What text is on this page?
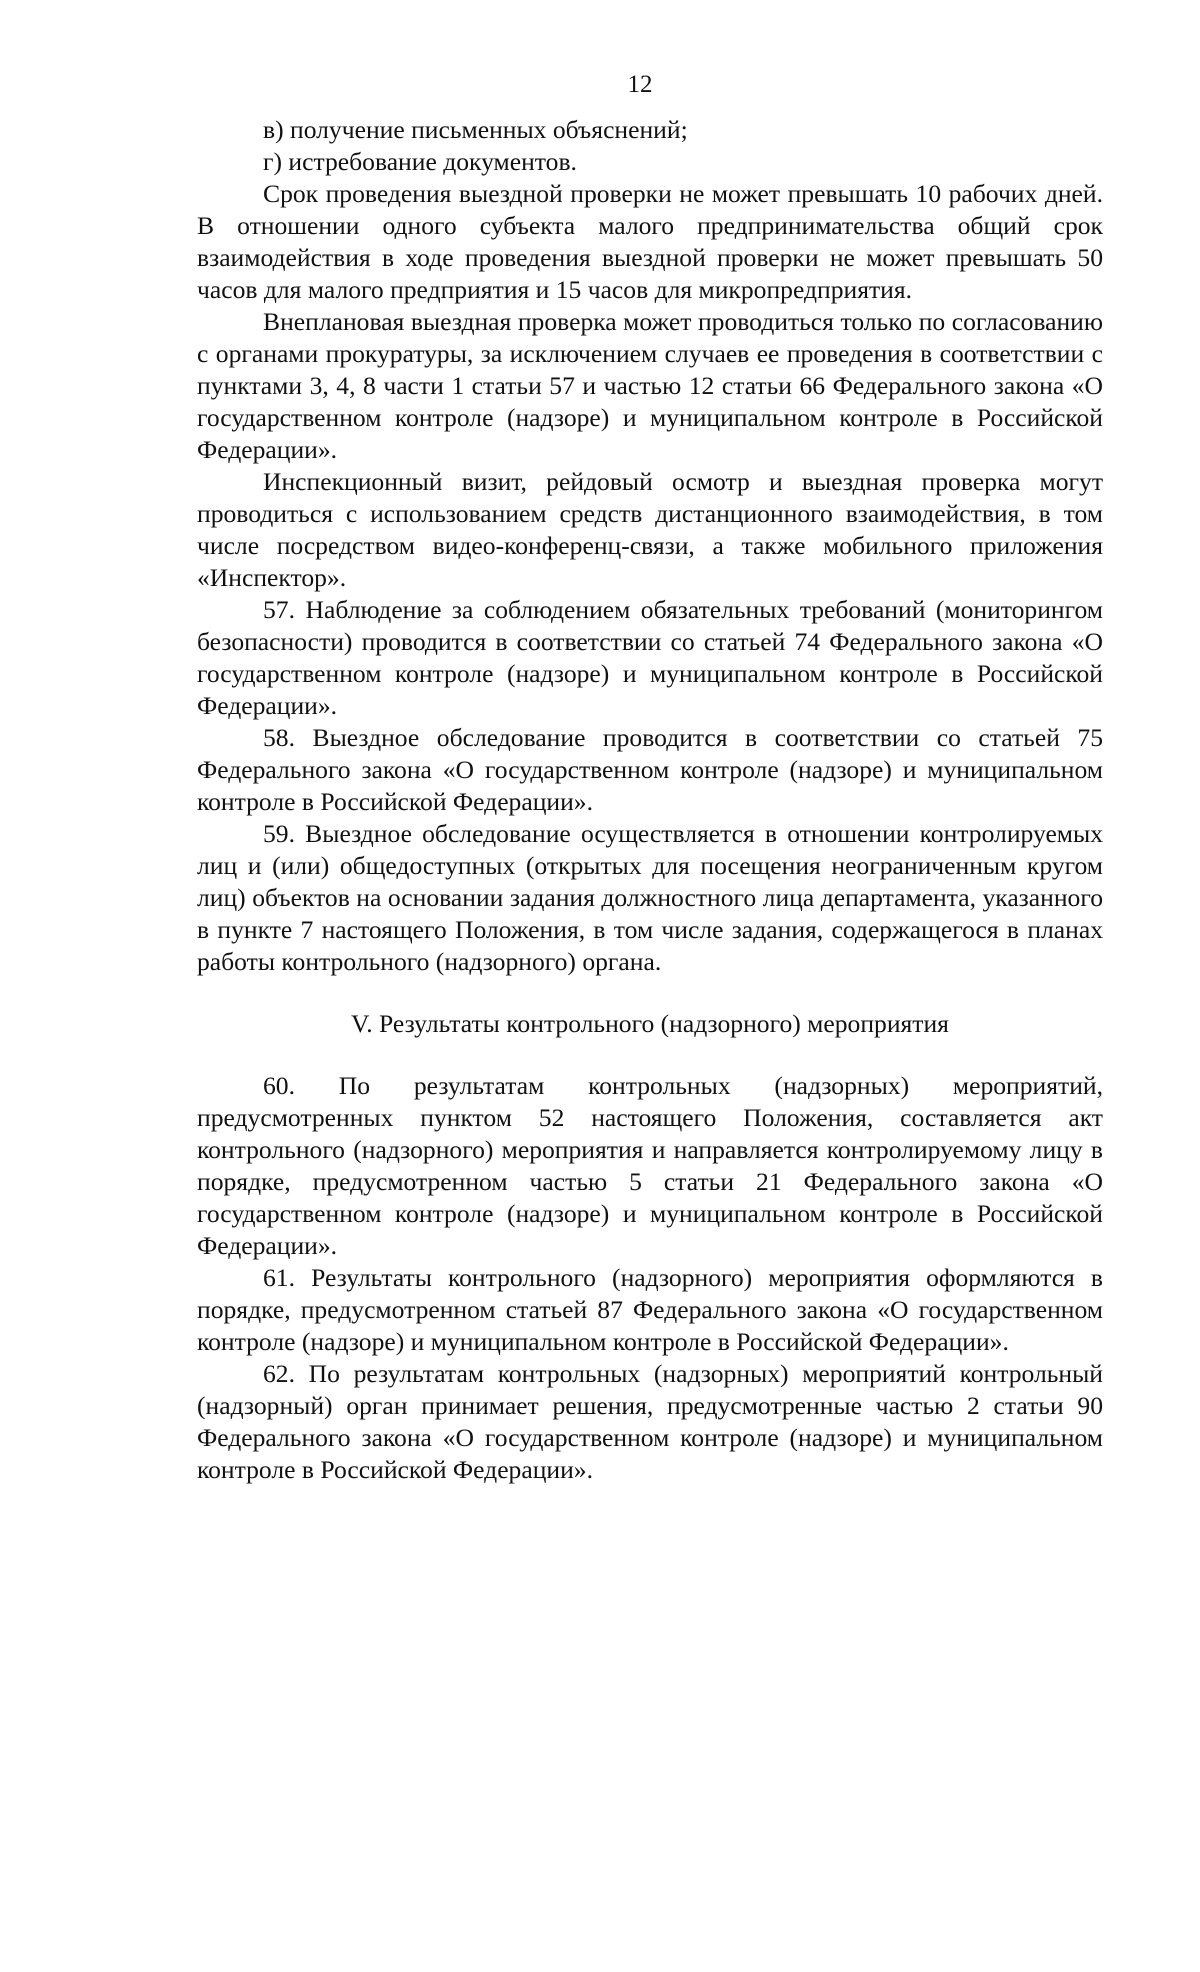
12

в) получение письменных объяснений;

г) истребование документов.

Срок проведения выездной проверки не может превышать 10 рабочих дней. В отношении одного субъекта малого предпринимательства общий срок взаимодействия в ходе проведения выездной проверки не может превышать 50 часов для малого предприятия и 15 часов для микропредприятия.

Внеплановая выездная проверка может проводиться только по согласованию с органами прокуратуры, за исключением случаев ее проведения в соответствии с пунктами 3, 4, 8 части 1 статьи 57 и частью 12 статьи 66 Федерального закона «О государственном контроле (надзоре) и муниципальном контроле в Российской Федерации».

Инспекционный визит, рейдовый осмотр и выездная проверка могут проводиться с использованием средств дистанционного взаимодействия, в том числе посредством видео-конференц-связи, а также мобильного приложения «Инспектор».

57. Наблюдение за соблюдением обязательных требований (мониторингом безопасности) проводится в соответствии со статьей 74 Федерального закона «О государственном контроле (надзоре) и муниципальном контроле в Российской Федерации».

58. Выездное обследование проводится в соответствии со статьей 75 Федерального закона «О государственном контроле (надзоре) и муниципальном контроле в Российской Федерации».

59. Выездное обследование осуществляется в отношении контролируемых лиц и (или) общедоступных (открытых для посещения неограниченным кругом лиц) объектов на основании задания должностного лица департамента, указанного в пункте 7 настоящего Положения, в том числе задания, содержащегося в планах работы контрольного (надзорного) органа.

V. Результаты контрольного (надзорного) мероприятия

60. По результатам контрольных (надзорных) мероприятий, предусмотренных пунктом 52 настоящего Положения, составляется акт контрольного (надзорного) мероприятия и направляется контролируемому лицу в порядке, предусмотренном частью 5 статьи 21 Федерального закона «О государственном контроле (надзоре) и муниципальном контроле в Российской Федерации».

61. Результаты контрольного (надзорного) мероприятия оформляются в порядке, предусмотренном статьей 87 Федерального закона «О государственном контроле (надзоре) и муниципальном контроле в Российской Федерации».

62. По результатам контрольных (надзорных) мероприятий контрольный (надзорный) орган принимает решения, предусмотренные частью 2 статьи 90 Федерального закона «О государственном контроле (надзоре) и муниципальном контроле в Российской Федерации».
